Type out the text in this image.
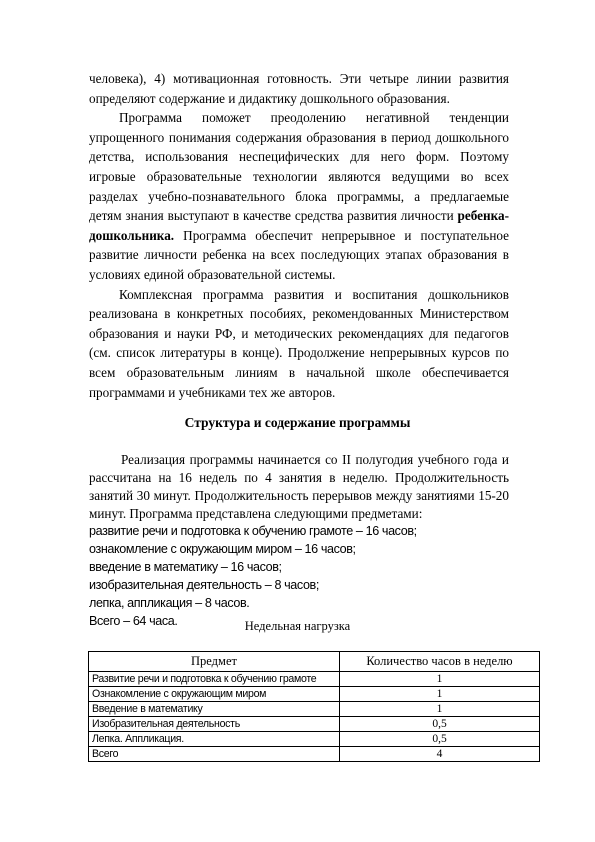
человека), 4) мотивационная готовность. Эти четыре линии развития определяют содержание и дидактику дошкольного образования.
Программа поможет преодолению негативной тенденции упрощенного понимания содержания образования в период дошкольного детства, использования неспецифических для него форм. Поэтому игровые образовательные технологии являются ведущими во всех разделах учебно-познавательного блока программы, а предлагаемые детям знания выступают в качестве средства развития личности ребенка-дошкольника. Программа обеспечит непрерывное и поступательное развитие личности ребенка на всех последующих этапах образования в условиях единой образовательной системы.
Комплексная программа развития и воспитания дошкольников реализована в конкретных пособиях, рекомендованных Министерством образования и науки РФ, и методических рекомендациях для педагогов (см. список литературы в конце). Продолжение непрерывных курсов по всем образовательным линиям в начальной школе обеспечивается программами и учебниками тех же авторов.

Структура и содержание программы

Реализация программы начинается со II полугодия учебного года и рассчитана на 16 недель по 4 занятия в неделю. Продолжительность занятий 30 минут. Продолжительность перерывов между занятиями 15-20 минут. Программа представлена следующими предметами:

развитие речи и подготовка к обучению грамоте – 16 часов;
ознакомление с окружающим миром – 16 часов;
введение в математику – 16 часов;
изобразительная деятельность – 8 часов;
лепка, аппликация – 8 часов.
Всего – 64 часа.	Недельная нагрузка

Предмет	Количество часов в неделю
Развитие речи и подготовка к обучению грамоте	1
Ознакомление с окружающим миром	1
Введение в математику	1
Изобразительная деятельность	0,5
Лепка. Аппликация.	0,5
Всего	4
